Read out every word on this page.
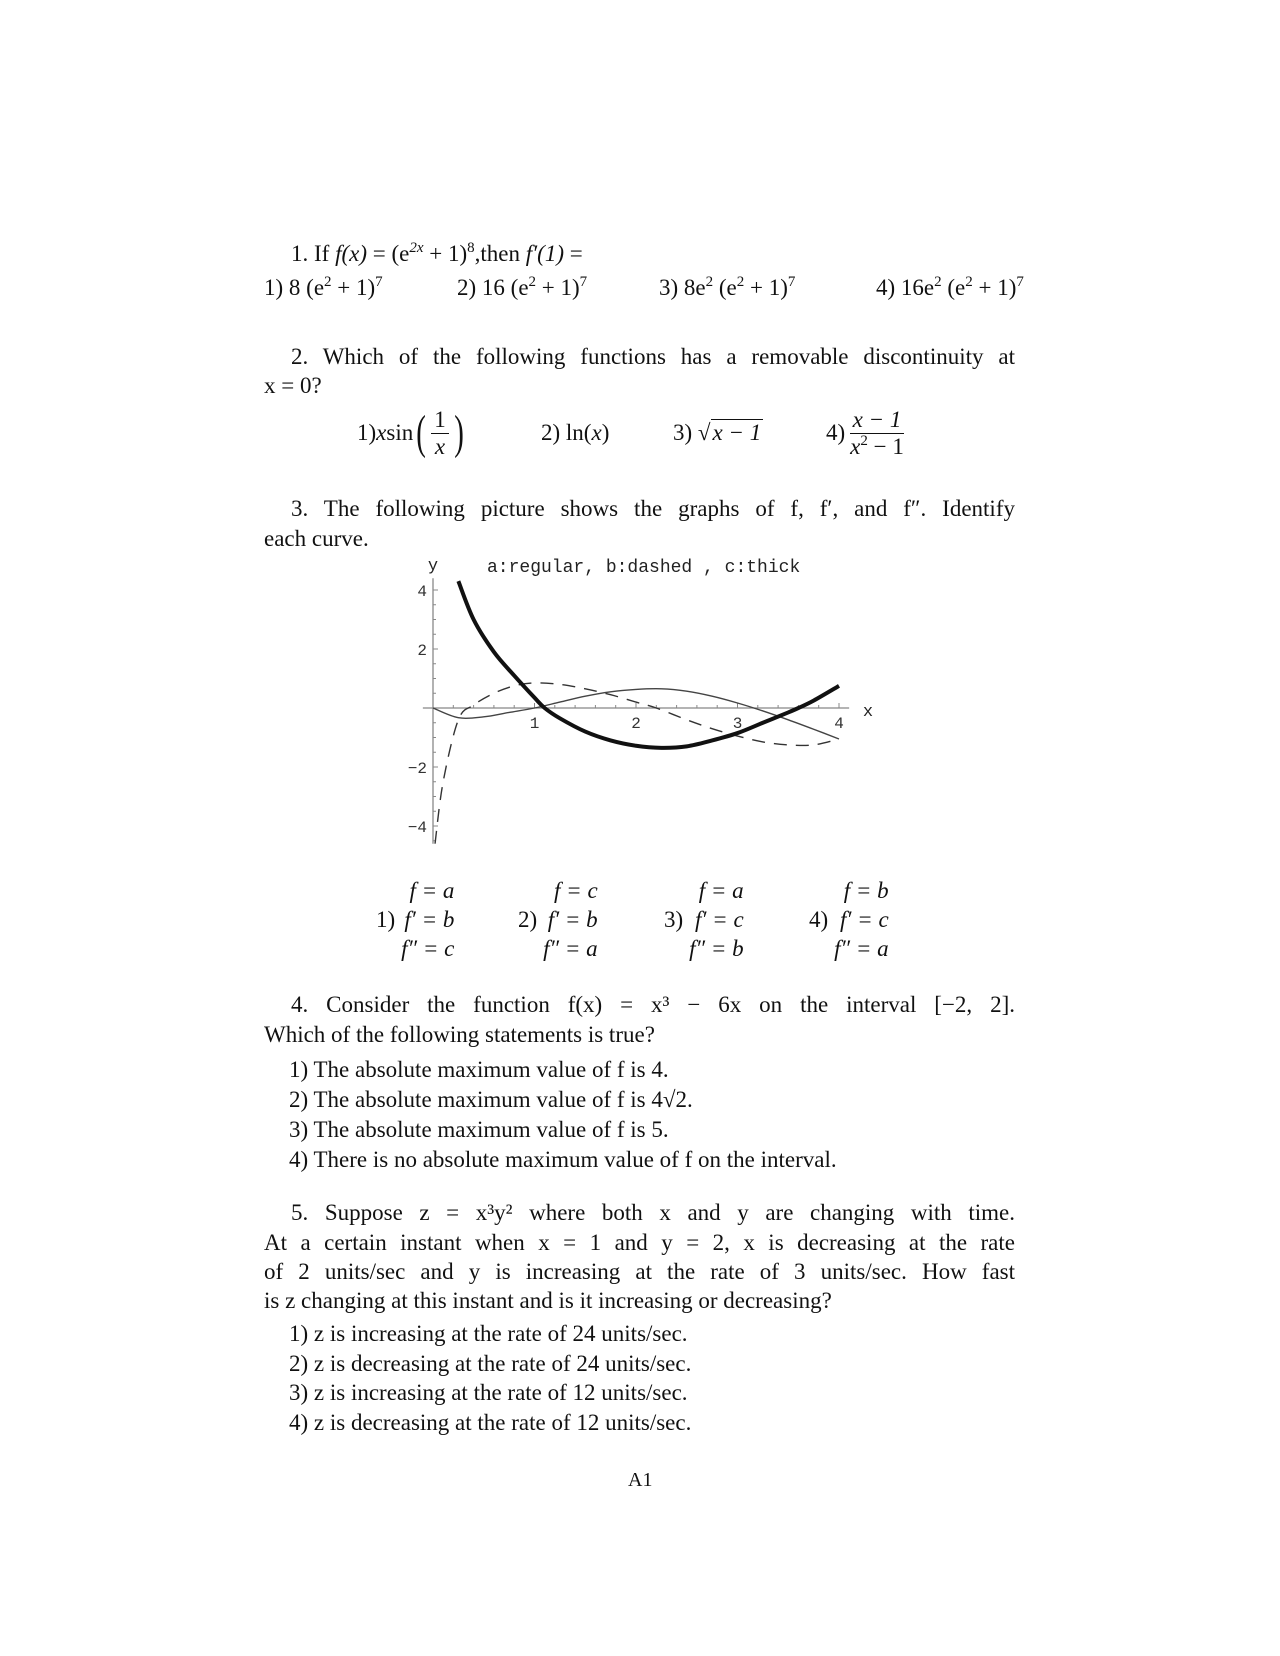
1. If $f(x) = (e^{2x}$ + $1)^8,then$ f′(1) =
1) 8 $(e^2 + 1)^7$	2) 16 $(e^2 + 1)^7$	3) $8e^2$ $(e^2 + 1)^7$	4) $16e^2$ $(e^2 + 1)^7$
2. Which of the following functions has a removable discontinuity at
x = 0?
1) x sin ( $\frac{1}{x}$ )	2) ln(x)	3) √x − 1	$4) \frac{x - 1}{x^2 - 1}$
3. The following picture shows the graphs of f, f′, and f″. Identify
each curve.
1	2	3	4
4
2
−2
−4
y
x
a:regular, b:dashed , c:thick
1)
f = a
f′ = b
f″ = c
2)
f = c
f′ = b
f″ = a
3)
f = a
f′ = c
f″ = b
4)
f = b
f′ = c
f″ = a
4. Consider the function f(x) = x³ − 6x on the interval [−2, 2].
Which of the following statements is true?
1) The absolute maximum value of f is 4.
2) The absolute maximum value of f is 4√2.
3) The absolute maximum value of f is 5.
4) There is no absolute maximum value of f on the interval.
5. Suppose z = x³y² where both x and y are changing with time.
At a certain instant when x = 1 and y = 2, x is decreasing at the rate
of 2 units/sec and y is increasing at the rate of 3 units/sec. How fast
is z changing at this instant and is it increasing or decreasing?
1) z is increasing at the rate of 24 units/sec.
2) z is decreasing at the rate of 24 units/sec.
3) z is increasing at the rate of 12 units/sec.
4) z is decreasing at the rate of 12 units/sec.
A1
